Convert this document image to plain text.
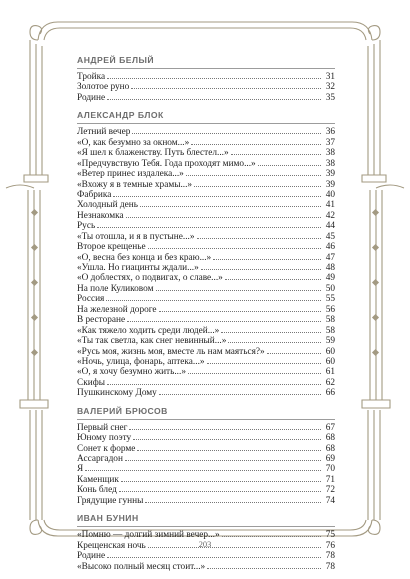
АНДРЕЙ БЕЛЫЙ
Тройка	31
Золотое руно	32
Родине	35
АЛЕКСАНДР БЛОК
Летний вечер	36
«О, как безумно за окном...»	37
«Я шел к блаженству. Путь блестел...»	38
«Предчувствую Тебя. Года проходят мимо...»	38
«Ветер принес издалека...»	39
«Вхожу я в темные храмы...»	39
Фабрика	40
Холодный день	41
Незнакомка	42
Русь	44
«Ты отошла, и я в пустыне...»	45
Второе крещенье	46
«О, весна без конца и без краю...»	47
«Ушла. Но гиацинты ждали...»	48
«О доблестях, о подвигах, о славе...»	49
На поле Куликовом	50
Россия	55
На железной дороге	56
В ресторане	58
«Как тяжело ходить среди людей...»	58
«Ты так светла, как снег невинный...»	59
«Русь моя, жизнь моя, вместе ль нам маяться?»	60
«Ночь, улица, фонарь, аптека...»	60
«О, я хочу безумно жить...»	61
Скифы	62
Пушкинскому Дому	66
ВАЛЕРИЙ БРЮСОВ
Первый снег	67
Юному поэту	68
Сонет к форме	68
Ассаргадон	69
Я	70
Каменщик	71
Конь блед	72
Грядущие гунны	74
ИВАН БУНИН
«Помню — долгий зимний вечер...»	75
Крещенская ночь	76
Родине	78
«Высоко полный месяц стоит...»	78
203
